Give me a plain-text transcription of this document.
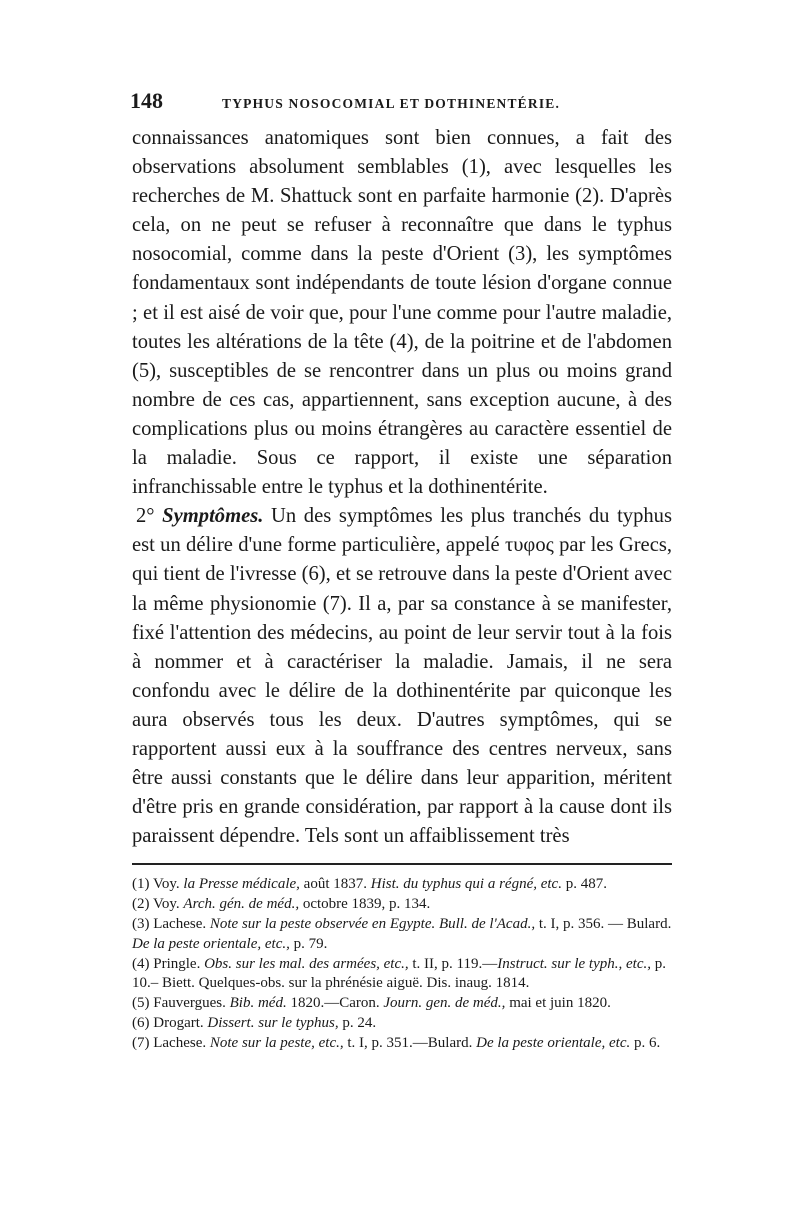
148	TYPHUS NOSOCOMIAL ET DOTHINENTÉRIE.

connaissances anatomiques sont bien connues, a fait des observations absolument semblables (1), avec lesquelles les recherches de M. Shattuck sont en parfaite harmonie (2). D'après cela, on ne peut se refuser à reconnaître que dans le typhus nosocomial, comme dans la peste d'Orient (3), les symptômes fondamentaux sont indépendants de toute lésion d'organe connue ; et il est aisé de voir que, pour l'une comme pour l'autre maladie, toutes les altérations de la tête (4), de la poitrine et de l'abdomen (5), susceptibles de se rencontrer dans un plus ou moins grand nombre de ces cas, appartiennent, sans exception aucune, à des complications plus ou moins étrangères au caractère essentiel de la maladie. Sous ce rapport, il existe une séparation infranchissable entre le typhus et la dothinentérite.

2° Symptômes. Un des symptômes les plus tranchés du typhus est un délire d'une forme particulière, appelé τυφος par les Grecs, qui tient de l'ivresse (6), et se retrouve dans la peste d'Orient avec la même physionomie (7). Il a, par sa constance à se manifester, fixé l'attention des médecins, au point de leur servir tout à la fois à nommer et à caractériser la maladie. Jamais, il ne sera confondu avec le délire de la dothinentérite par quiconque les aura observés tous les deux. D'autres symptômes, qui se rapportent aussi eux à la souffrance des centres nerveux, sans être aussi constants que le délire dans leur apparition, méritent d'être pris en grande considération, par rapport à la cause dont ils paraissent dépendre. Tels sont un affaiblissement très

(1) Voy. la Presse médicale, août 1837. Hist. du typhus qui a régné, etc. p. 487.

(2) Voy. Arch. gén. de méd., octobre 1839, p. 134.

(3) Lachese. Note sur la peste observée en Egypte. Bull. de l'Acad., t. I, p. 356. — Bulard. De la peste orientale, etc., p. 79.

(4) Pringle. Obs. sur les mal. des armées, etc., t. II, p. 119.—Instruct. sur le typh., etc., p. 10.– Biett. Quelques-obs. sur la phrénésie aiguë. Dis. inaug. 1814.

(5) Fauvergues. Bib. méd. 1820.—Caron. Journ. gen. de méd., mai et juin 1820.

(6) Drogart. Dissert. sur le typhus, p. 24.

(7) Lachese. Note sur la peste, etc., t. I, p. 351.—Bulard. De la peste orientale, etc. p. 6.
